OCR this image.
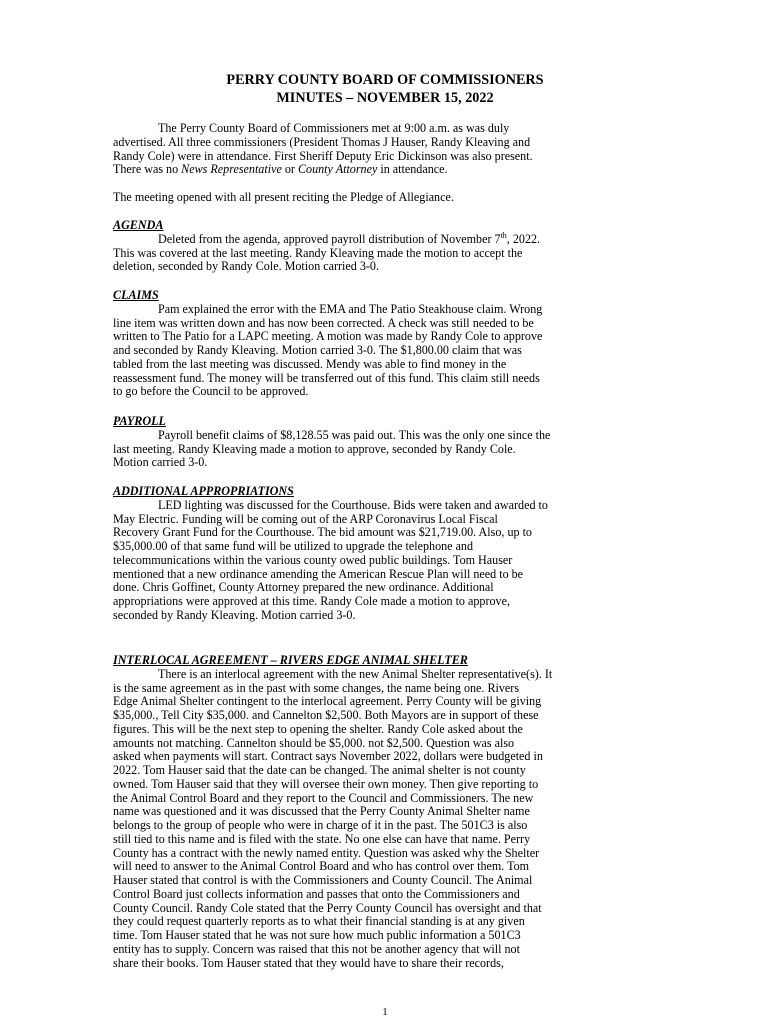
PERRY COUNTY BOARD OF COMMISSIONERS
MINUTES – NOVEMBER 15, 2022
The Perry County Board of Commissioners met at 9:00 a.m. as was duly
advertised. All three commissioners (President Thomas J Hauser, Randy Kleaving and
Randy Cole) were in attendance. First Sheriff Deputy Eric Dickinson was also present.
There was no News Representative or County Attorney in attendance.
The meeting opened with all present reciting the Pledge of Allegiance.
AGENDA
Deleted from the agenda, approved payroll distribution of November 7th, 2022.
This was covered at the last meeting. Randy Kleaving made the motion to accept the
deletion, seconded by Randy Cole. Motion carried 3-0.
CLAIMS
Pam explained the error with the EMA and The Patio Steakhouse claim. Wrong
line item was written down and has now been corrected. A check was still needed to be
written to The Patio for a LAPC meeting. A motion was made by Randy Cole to approve
and seconded by Randy Kleaving. Motion carried 3-0. The $1,800.00 claim that was
tabled from the last meeting was discussed. Mendy was able to find money in the
reassessment fund. The money will be transferred out of this fund. This claim still needs
to go before the Council to be approved.
PAYROLL
Payroll benefit claims of $8,128.55 was paid out. This was the only one since the
last meeting. Randy Kleaving made a motion to approve, seconded by Randy Cole.
Motion carried 3-0.
ADDITIONAL APPROPRIATIONS
LED lighting was discussed for the Courthouse. Bids were taken and awarded to
May Electric. Funding will be coming out of the ARP Coronavirus Local Fiscal
Recovery Grant Fund for the Courthouse. The bid amount was $21,719.00. Also, up to
$35,000.00 of that same fund will be utilized to upgrade the telephone and
telecommunications within the various county owed public buildings. Tom Hauser
mentioned that a new ordinance amending the American Rescue Plan will need to be
done. Chris Goffinet, County Attorney prepared the new ordinance. Additional
appropriations were approved at this time. Randy Cole made a motion to approve,
seconded by Randy Kleaving. Motion carried 3-0.
INTERLOCAL AGREEMENT – RIVERS EDGE ANIMAL SHELTER
There is an interlocal agreement with the new Animal Shelter representative(s). It
is the same agreement as in the past with some changes, the name being one. Rivers
Edge Animal Shelter contingent to the interlocal agreement. Perry County will be giving
$35,000., Tell City $35,000. and Cannelton $2,500. Both Mayors are in support of these
figures. This will be the next step to opening the shelter. Randy Cole asked about the
amounts not matching. Cannelton should be $5,000. not $2,500. Question was also
asked when payments will start. Contract says November 2022, dollars were budgeted in
2022. Tom Hauser said that the date can be changed. The animal shelter is not county
owned. Tom Hauser said that they will oversee their own money. Then give reporting to
the Animal Control Board and they report to the Council and Commissioners. The new
name was questioned and it was discussed that the Perry County Animal Shelter name
belongs to the group of people who were in charge of it in the past. The 501C3 is also
still tied to this name and is filed with the state. No one else can have that name. Perry
County has a contract with the newly named entity. Question was asked why the Shelter
will need to answer to the Animal Control Board and who has control over them. Tom
Hauser stated that control is with the Commissioners and County Council. The Animal
Control Board just collects information and passes that onto the Commissioners and
County Council. Randy Cole stated that the Perry County Council has oversight and that
they could request quarterly reports as to what their financial standing is at any given
time. Tom Hauser stated that he was not sure how much public information a 501C3
entity has to supply. Concern was raised that this not be another agency that will not
share their books. Tom Hauser stated that they would have to share their records,
1
